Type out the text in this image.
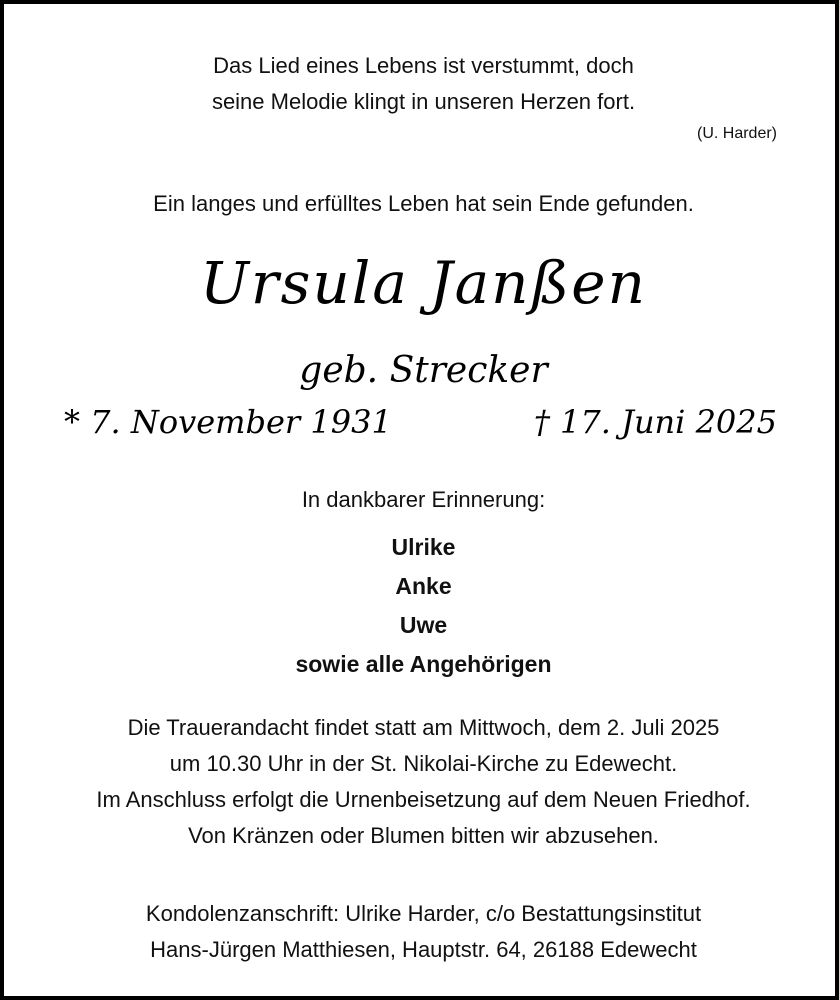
Das Lied eines Lebens ist verstummt, doch
seine Melodie klingt in unseren Herzen fort.
(U. Harder)
Ein langes und erfülltes Leben hat sein Ende gefunden.
Ursula Janßen
geb. Strecker
* 7. November 1931	† 17. Juni 2025
In dankbarer Erinnerung:
Ulrike
Anke
Uwe
sowie alle Angehörigen
Die Trauerandacht findet statt am Mittwoch, dem 2. Juli 2025
um 10.30 Uhr in der St. Nikolai-Kirche zu Edewecht.
Im Anschluss erfolgt die Urnenbeisetzung auf dem Neuen Friedhof.
Von Kränzen oder Blumen bitten wir abzusehen.
Kondolenzanschrift: Ulrike Harder, c/o Bestattungsinstitut
Hans-Jürgen Matthiesen, Hauptstr. 64, 26188 Edewecht
